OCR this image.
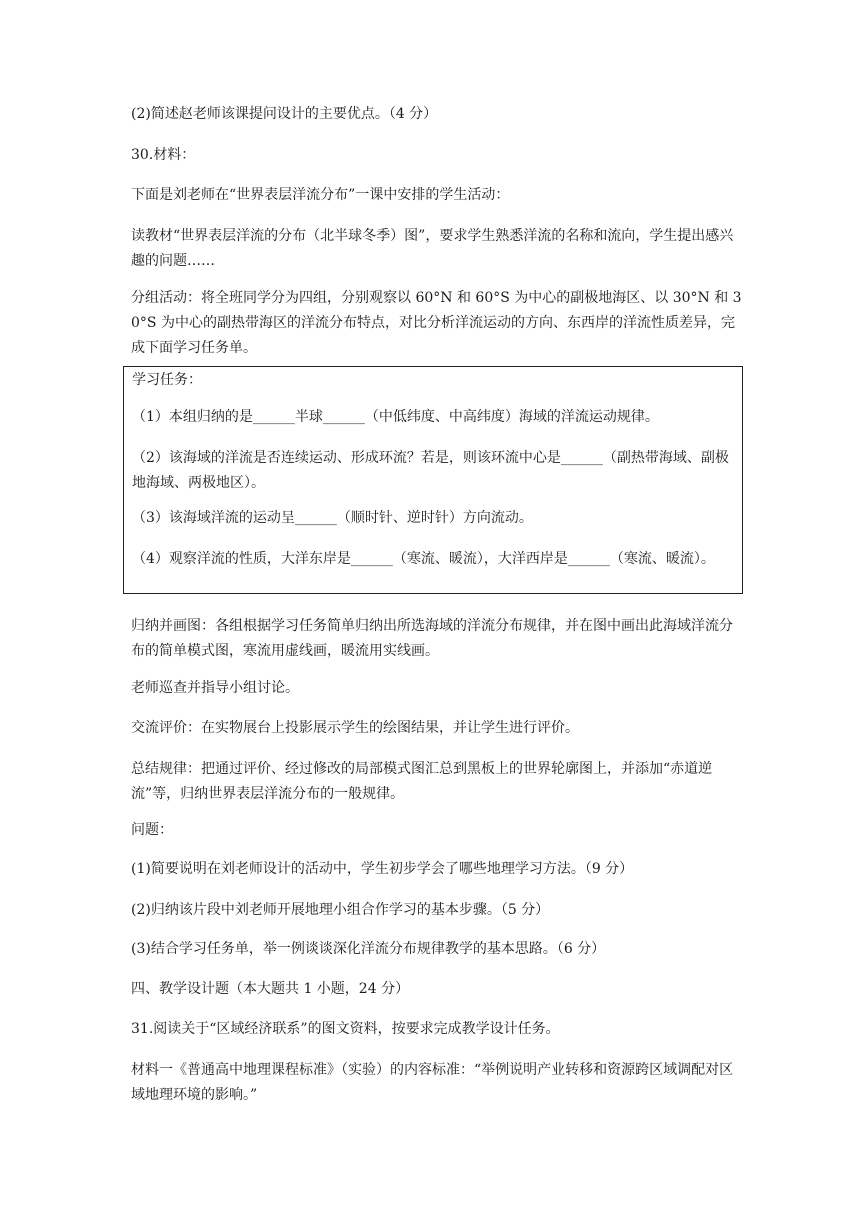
(2)简述赵老师该课提问设计的主要优点。（4 分）

30.材料：

下面是刘老师在“世界表层洋流分布”一课中安排的学生活动：

读教材“世界表层洋流的分布（北半球冬季）图”，要求学生熟悉洋流的名称和流向，学生提出感兴趣的问题……

分组活动：将全班同学分为四组，分别观察以 60°N 和 60°S 为中心的副极地海区、以 30°N 和 30°S 为中心的副热带海区的洋流分布特点，对比分析洋流运动的方向、东西岸的洋流性质差异，完成下面学习任务单。

学习任务：

（1）本组归纳的是______半球______（中低纬度、中高纬度）海域的洋流运动规律。

（2）该海域的洋流是否连续运动、形成环流？若是，则该环流中心是______（副热带海域、副极地海域、两极地区）。

（3）该海域洋流的运动呈______（顺时针、逆时针）方向流动。

（4）观察洋流的性质，大洋东岸是______（寒流、暖流），大洋西岸是______（寒流、暖流）。

归纳并画图：各组根据学习任务简单归纳出所选海域的洋流分布规律，并在图中画出此海域洋流分布的简单模式图，寒流用虚线画，暖流用实线画。

老师巡查并指导小组讨论。

交流评价：在实物展台上投影展示学生的绘图结果，并让学生进行评价。

总结规律：把通过评价、经过修改的局部模式图汇总到黑板上的世界轮廓图上，并添加“赤道逆流”等，归纳世界表层洋流分布的一般规律。

问题：

(1)简要说明在刘老师设计的活动中，学生初步学会了哪些地理学习方法。（9 分）

(2)归纳该片段中刘老师开展地理小组合作学习的基本步骤。（5 分）

(3)结合学习任务单，举一例谈谈深化洋流分布规律教学的基本思路。（6 分）

四、教学设计题（本大题共 1 小题，24 分）

31.阅读关于“区域经济联系”的图文资料，按要求完成教学设计任务。

材料一《普通高中地理课程标准》（实验）的内容标准：“举例说明产业转移和资源跨区域调配对区域地理环境的影响。”
